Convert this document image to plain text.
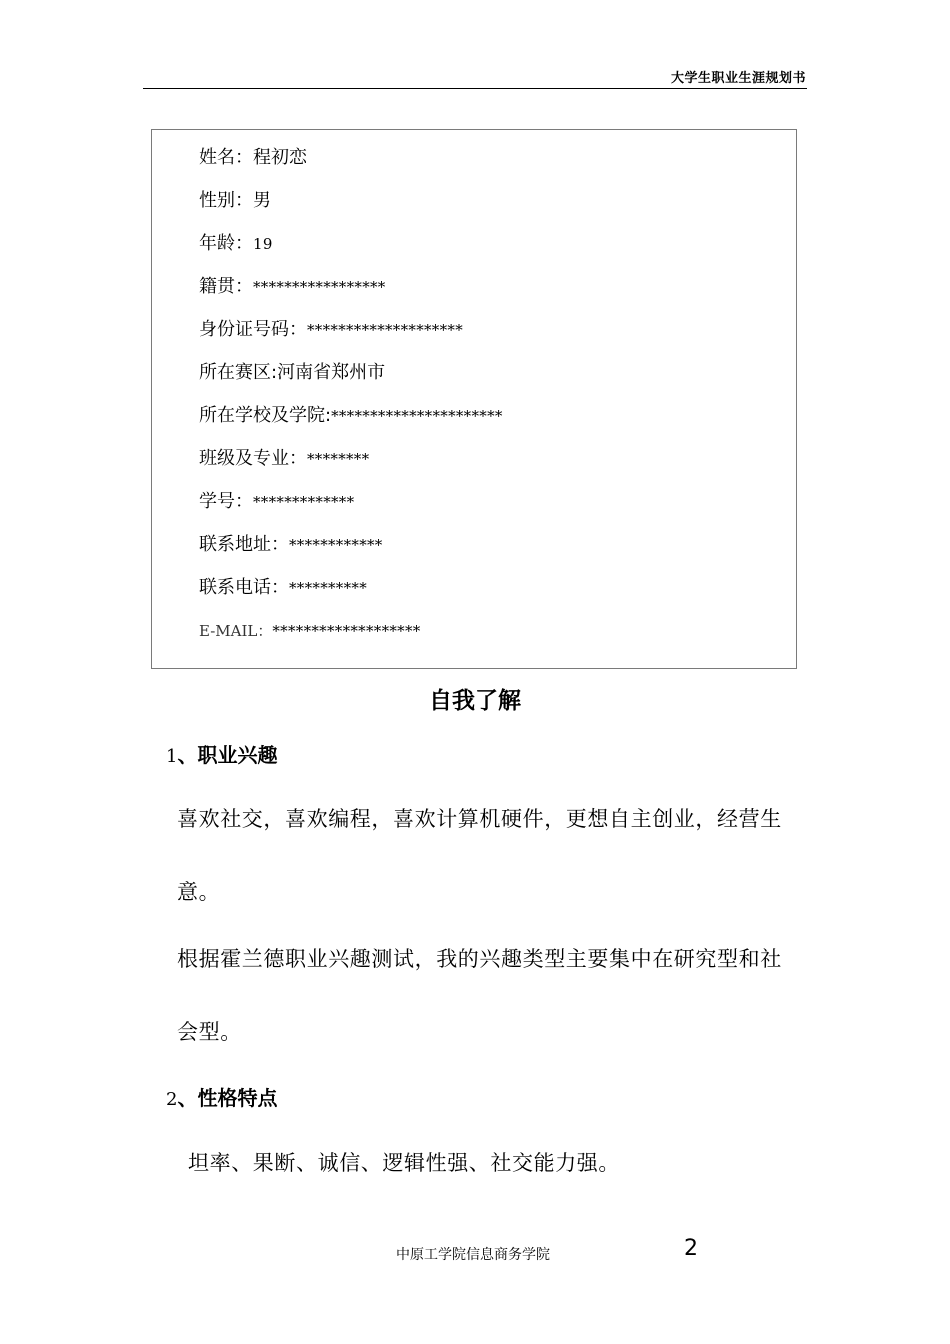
大学生职业生涯规划书
姓名：程初恋
性别：男
年龄：19
籍贯：*****************
身份证号码：********************
所在赛区:河南省郑州市
所在学校及学院:**********************
班级及专业：********
学号：*************
联系地址：************
联系电话：**********
E-MAIL：*******************
自我了解
1、职业兴趣
喜欢社交，喜欢编程，喜欢计算机硬件，更想自主创业，经营生
意。
根据霍兰德职业兴趣测试，我的兴趣类型主要集中在研究型和社
会型。
2、性格特点
坦率、果断、诚信、逻辑性强、社交能力强。
中原工学院信息商务学院	2
